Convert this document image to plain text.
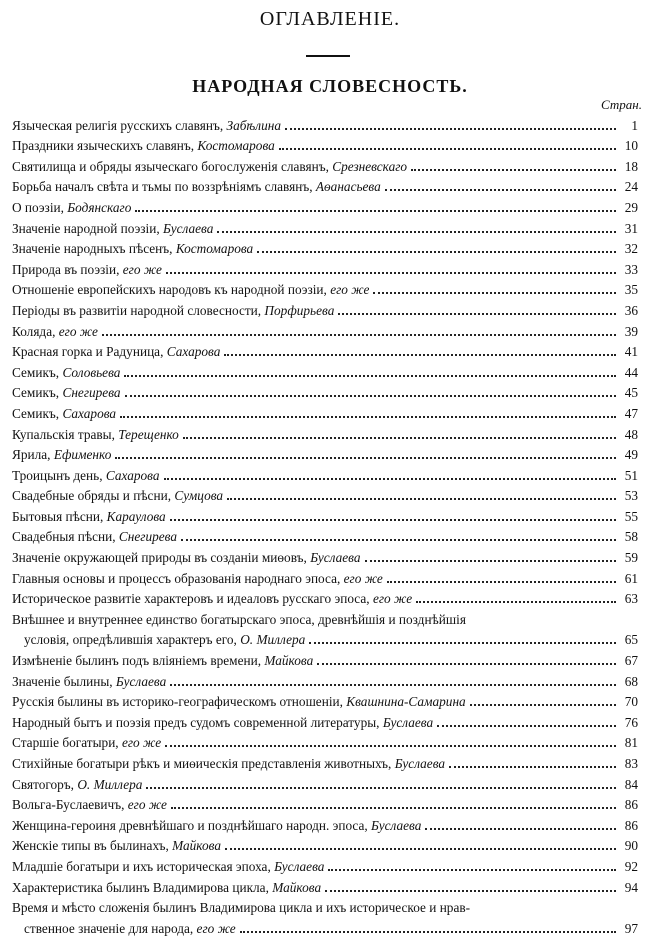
ОГЛАВЛЕНІЕ.
НАРОДНАЯ СЛОВЕСНОСТЬ.
Стран.
Языческая религія русскихъ славянъ, Забѣлина	1
Праздники языческихъ славянъ, Костомарова	10
Святилища и обряды языческаго богослуженія славянъ, Срезневскаго	18
Борьба началъ свѣта и тьмы по воззрѣніямъ славянъ, Аѳанасьева	24
О поэзіи, Бодянскаго	29
Значеніе народной поэзіи, Буслаева	31
Значеніе народныхъ пѣсенъ, Костомарова	32
Природа въ поэзіи, его же	33
Отношеніе европейскихъ народовъ къ народной поэзіи, его же	35
Періоды въ развитіи народной словесности, Порфирьева	36
Коляда, его же	39
Красная горка и Радуница, Сахарова	41
Семикъ, Соловьева	44
Семикъ, Снегирева	45
Семикъ, Сахарова	47
Купальскія травы, Терещенко	48
Ярила, Ефименко	49
Троицынъ день, Сахарова	51
Свадебные обряды и пѣсни, Сумцова	53
Бытовыя пѣсни, Караулова	55
Свадебныя пѣсни, Снегирева	58
Значеніе окружающей природы въ созданіи миѳовъ, Буслаева	59
Главныя основы и процессъ образованія народнаго эпоса, его же	61
Историческое развитіе характеровъ и идеаловъ русскаго эпоса, его же	63
Внѣшнее и внутреннее единство богатырскаго эпоса, древнѣйшія и позднѣйшія
условія, опредѣлившія характеръ его, О. Миллера	65
Измѣненіе былинъ подъ вліяніемъ времени, Майкова	67
Значеніе былины, Буслаева	68
Русскія былины въ историко-географическомъ отношеніи, Квашнина-Самарина	70
Народный бытъ и поэзія предъ судомъ современной литературы, Буслаева	76
Старшіе богатыри, его же	81
Стихійные богатыри рѣкъ и миѳическія представленія животныхъ, Буслаева	83
Святогоръ, О. Миллера	84
Вольга-Буслаевичъ, его же	86
Женщина-героиня древнѣйшаго и позднѣйшаго народн. эпоса, Буслаева	86
Женскіе типы въ былинахъ, Майкова	90
Младшіе богатыри и ихъ историческая эпоха, Буслаева	92
Характеристика былинъ Владимирова цикла, Майкова	94
Время и мѣсто сложенія былинъ Владимирова цикла и ихъ историческое и нрав-
ственное значеніе для народа, его же	97
